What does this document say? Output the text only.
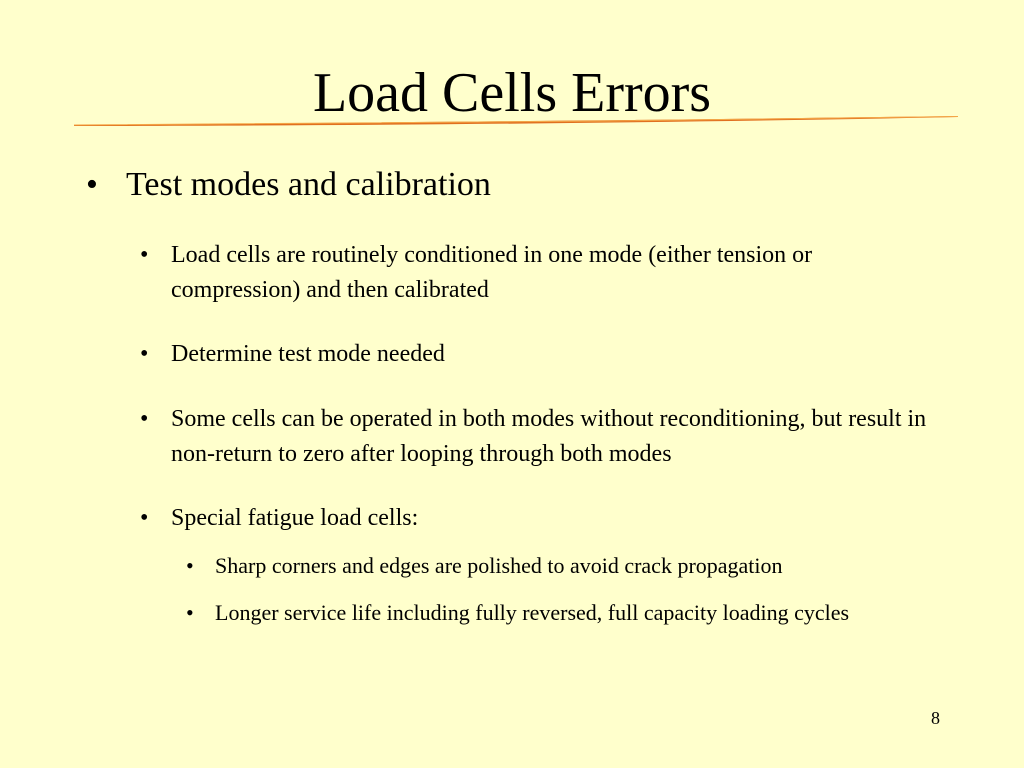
Load Cells Errors
• Test modes and calibration
• Load cells are routinely conditioned in one mode (either tension or compression) and then calibrated
• Determine test mode needed
• Some cells can be operated in both modes without reconditioning, but result in non-return to zero after looping through both modes
• Special fatigue load cells:
• Sharp corners and edges are polished to avoid crack propagation
• Longer service life including fully reversed, full capacity loading cycles
8
